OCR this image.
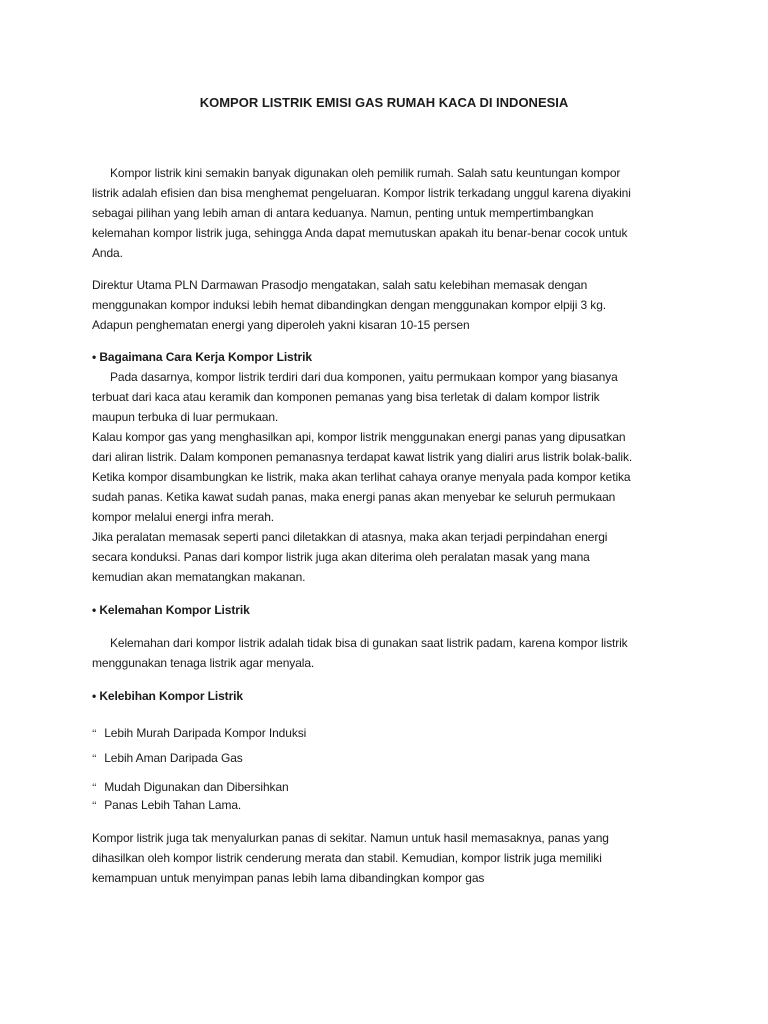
KOMPOR LISTRIK EMISI GAS RUMAH KACA DI INDONESIA
Kompor listrik kini semakin banyak digunakan oleh pemilik rumah. Salah satu keuntungan kompor
listrik adalah efisien dan bisa menghemat pengeluaran. Kompor listrik terkadang unggul karena diyakini
sebagai pilihan yang lebih aman di antara keduanya. Namun, penting untuk mempertimbangkan
kelemahan kompor listrik juga, sehingga Anda dapat memutuskan apakah itu benar-benar cocok untuk
Anda.
Direktur Utama PLN Darmawan Prasodjo mengatakan, salah satu kelebihan memasak dengan
menggunakan kompor induksi lebih hemat dibandingkan dengan menggunakan kompor elpiji 3 kg.
Adapun penghematan energi yang diperoleh yakni kisaran 10-15 persen
• Bagaimana Cara Kerja Kompor Listrik
Pada dasarnya, kompor listrik terdiri dari dua komponen, yaitu permukaan kompor yang biasanya
terbuat dari kaca atau keramik dan komponen pemanas yang bisa terletak di dalam kompor listrik
maupun terbuka di luar permukaan.
Kalau kompor gas yang menghasilkan api, kompor listrik menggunakan energi panas yang dipusatkan
dari aliran listrik. Dalam komponen pemanasnya terdapat kawat listrik yang dialiri arus listrik bolak-balik.
Ketika kompor disambungkan ke listrik, maka akan terlihat cahaya oranye menyala pada kompor ketika
sudah panas. Ketika kawat sudah panas, maka energi panas akan menyebar ke seluruh permukaan
kompor melalui energi infra merah.
Jika peralatan memasak seperti panci diletakkan di atasnya, maka akan terjadi perpindahan energi
secara konduksi. Panas dari kompor listrik juga akan diterima oleh peralatan masak yang mana
kemudian akan mematangkan makanan.
• Kelemahan Kompor Listrik
Kelemahan dari kompor listrik adalah tidak bisa di gunakan saat listrik padam, karena kompor listrik
menggunakan tenaga listrik agar menyala.
• Kelebihan Kompor Listrik
‘‘ Lebih Murah Daripada Kompor Induksi
‘‘ Lebih Aman Daripada Gas
‘‘ Mudah Digunakan dan Dibersihkan
‘‘ Panas Lebih Tahan Lama.
Kompor listrik juga tak menyalurkan panas di sekitar. Namun untuk hasil memasaknya, panas yang
dihasilkan oleh kompor listrik cenderung merata dan stabil. Kemudian, kompor listrik juga memiliki
kemampuan untuk menyimpan panas lebih lama dibandingkan kompor gas
